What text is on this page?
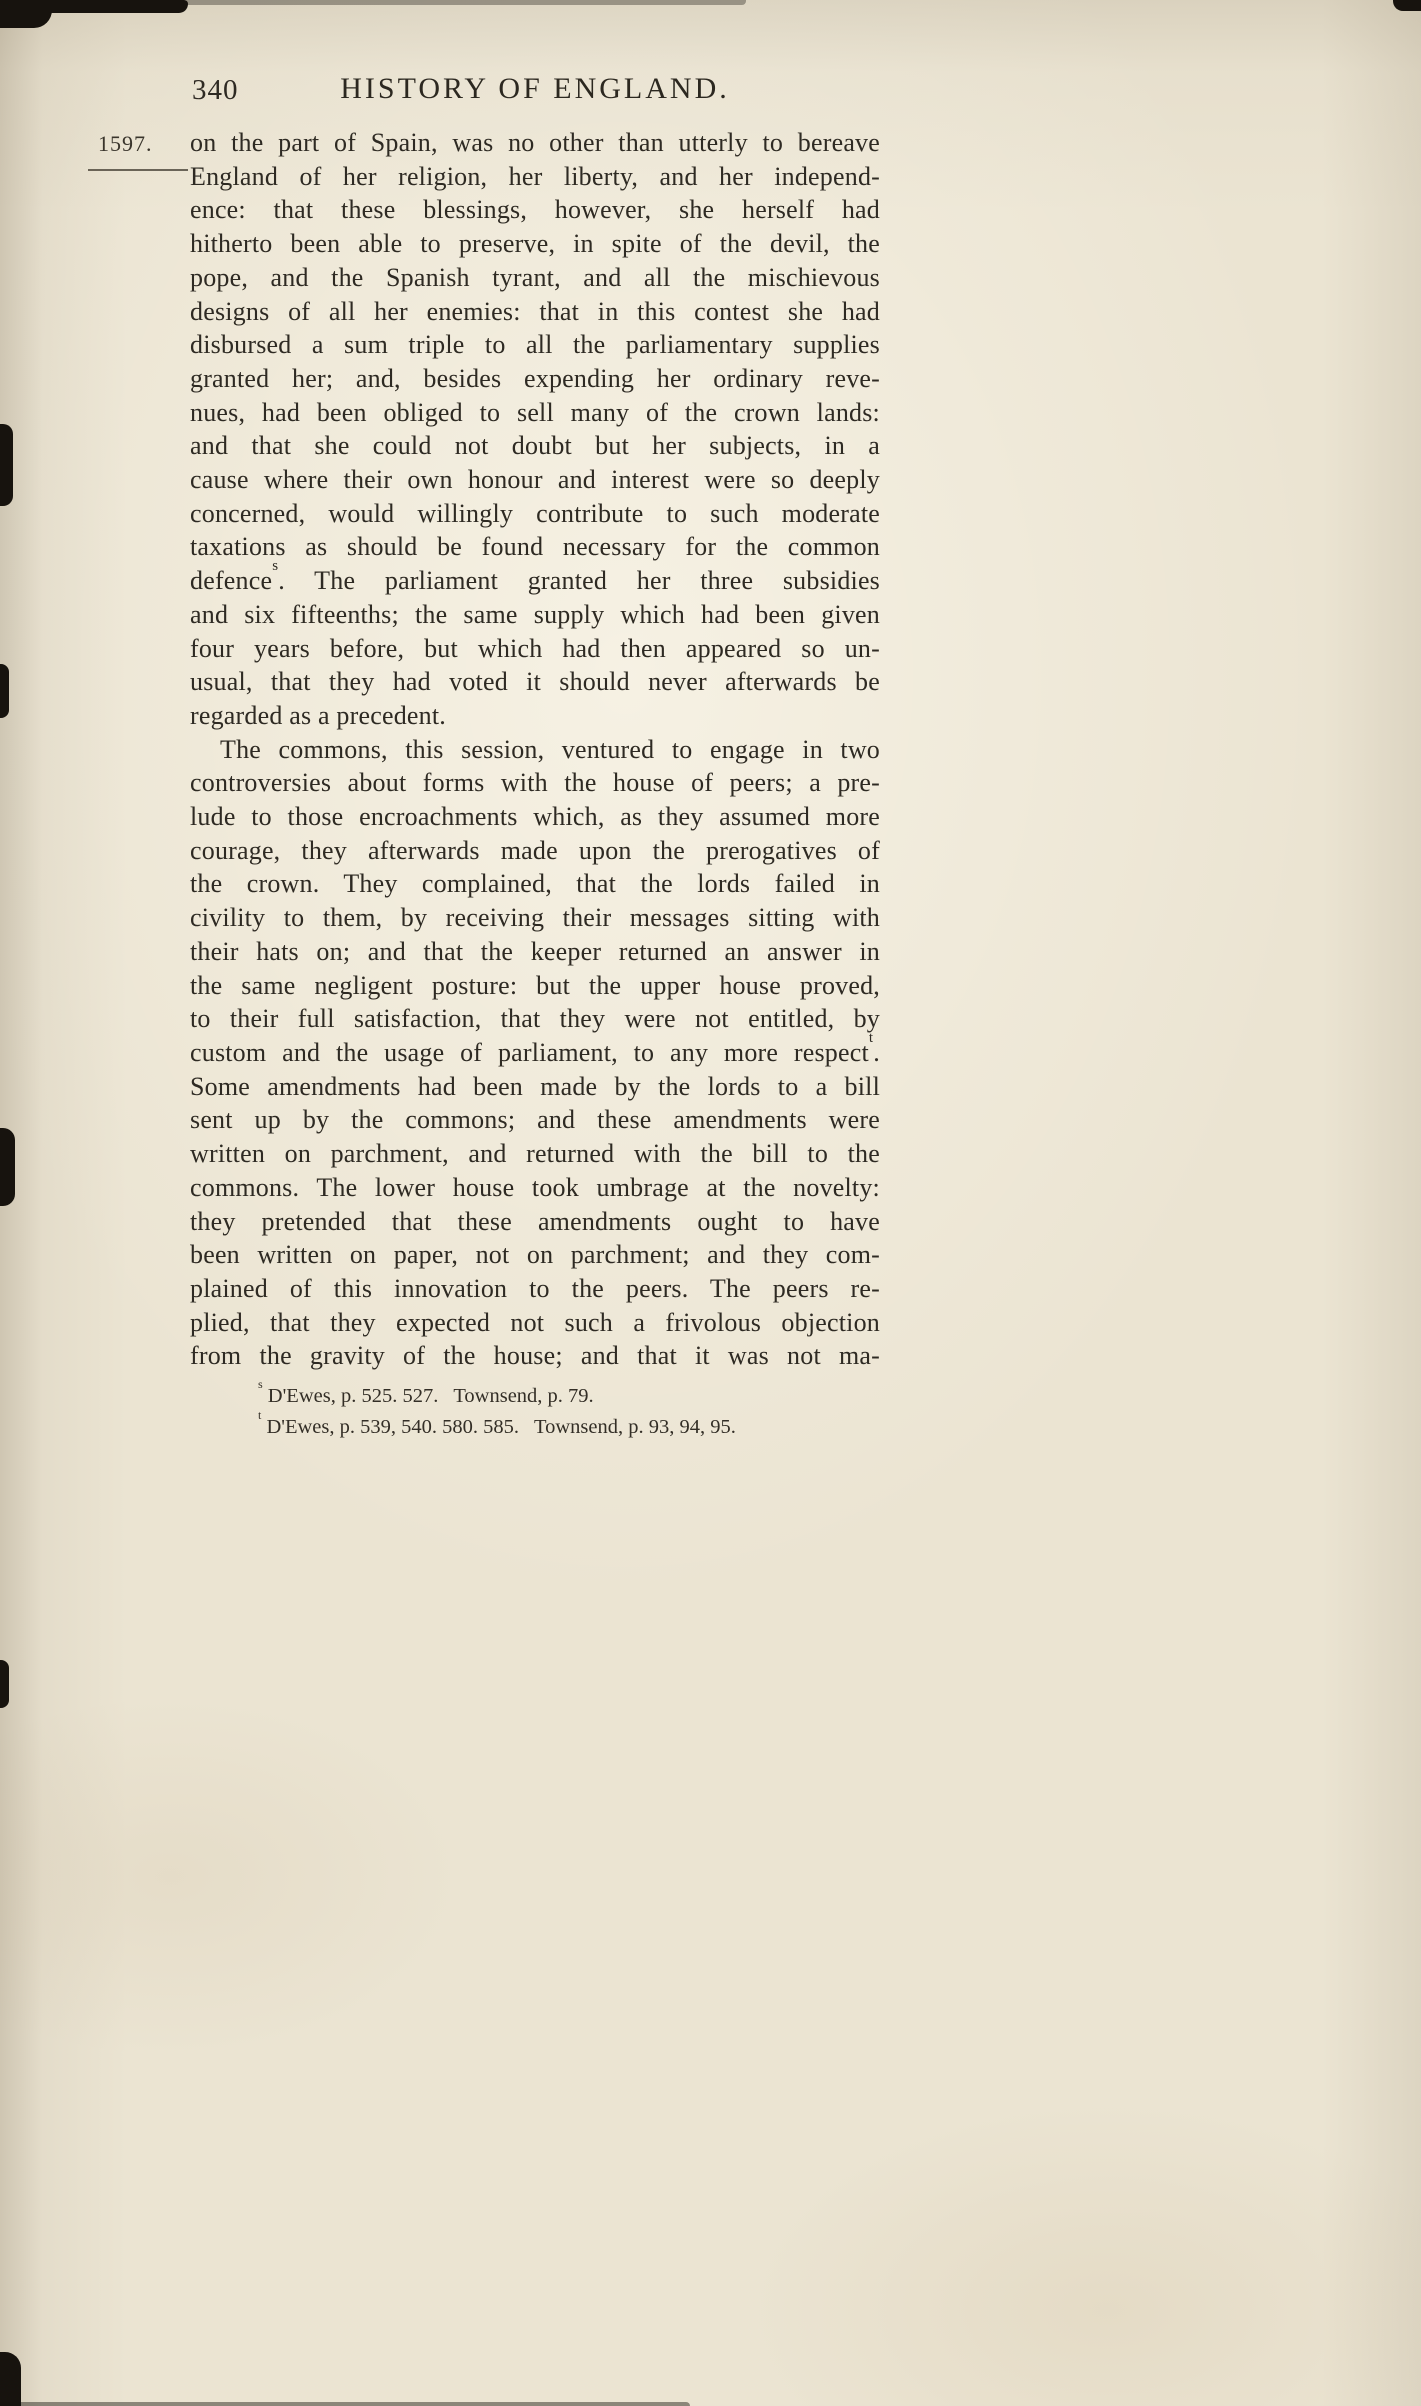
340	HISTORY OF ENGLAND.
1597. on the part of Spain, was no other than utterly to bereave
England of her religion, her liberty, and her independ-
ence: that these blessings, however, she herself had
hitherto been able to preserve, in spite of the devil, the
pope, and the Spanish tyrant, and all the mischievous
designs of all her enemies: that in this contest she had
disbursed a sum triple to all the parliamentary supplies
granted her; and, besides expending her ordinary reve-
nues, had been obliged to sell many of the crown lands:
and that she could not doubt but her subjects, in a
cause where their own honour and interest were so deeply
concerned, would willingly contribute to such moderate
taxations as should be found necessary for the common
defence$^s$. The parliament granted her three subsidies
and six fifteenths; the same supply which had been given
four years before, but which had then appeared so un-
usual, that they had voted it should never afterwards be
regarded as a precedent.
The commons, this session, ventured to engage in two
controversies about forms with the house of peers; a pre-
lude to those encroachments which, as they assumed more
courage, they afterwards made upon the prerogatives of
the crown. They complained, that the lords failed in
civility to them, by receiving their messages sitting with
their hats on; and that the keeper returned an answer in
the same negligent posture: but the upper house proved,
to their full satisfaction, that they were not entitled, by
custom and the usage of parliament, to any more respect$^t$.
Some amendments had been made by the lords to a bill
sent up by the commons; and these amendments were
written on parchment, and returned with the bill to the
commons. The lower house took umbrage at the novelty:
they pretended that these amendments ought to have
been written on paper, not on parchment; and they com-
plained of this innovation to the peers. The peers re-
plied, that they expected not such a frivolous objection
from the gravity of the house; and that it was not ma-
$^s$ D'Ewes, p. 525. 527.   Townsend, p. 79.
$^t$ D'Ewes, p. 539, 540. 580. 585.   Townsend, p. 93, 94, 95.
